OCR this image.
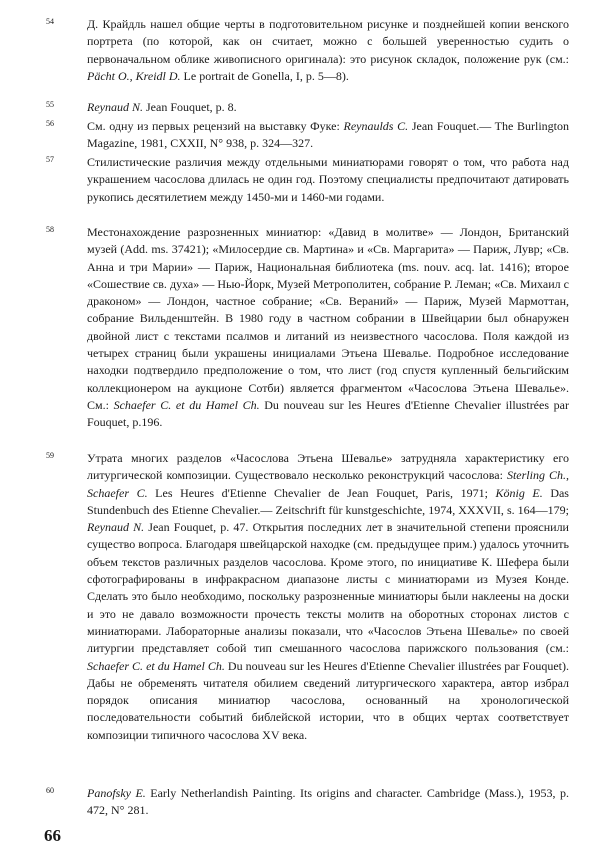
54	Д. Крайдль нашел общие черты в подготовительном рисунке и позднейшей копии венского портрета (по которой, как он считает, можно с большей уверенностью судить о первоначальном облике живописного оригинала): это рисунок складок, положение рук (см.: Pächt O., Kreidl D. Le portrait de Gonella, I, p. 5—8).

55	Reynaud N. Jean Fouquet, p. 8.

56	См. одну из первых рецензий на выставку Фуке: Reynaulds C. Jean Fouquet.— The Burlington Magazine, 1981, CXXII, N° 938, p. 324—327.

57	Стилистические различия между отдельными миниатюрами говорят о том, что работа над украшением часослова длилась не один год. Поэтому специалисты предпочитают датировать рукопись десятилетием между 1450-ми и 1460-ми годами.

58	Местонахождение разрозненных миниатюр: «Давид в молитве» — Лондон, Британский музей (Add. ms. 37421); «Милосердие св. Мартина» и «Св. Маргарита» — Париж, Лувр; «Св. Анна и три Марии» — Париж, Национальная библиотека (ms. nouv. acq. lat. 1416); второе «Сошествие св. духа» — Нью-Йорк, Музей Метрополитен, собрание Р. Леман; «Св. Михаил с драконом» — Лондон, частное собрание; «Св. Вераний» — Париж, Музей Мармоттан, собрание Вильденштейн. В 1980 году в частном собрании в Швейцарии был обнаружен двойной лист с текстами псалмов и литаний из неизвестного часослова. Поля каждой из четырех страниц были украшены инициалами Этьена Шевалье. Подробное исследование находки подтвердило предположение о том, что лист (год спустя купленный бельгийским коллекционером на аукционе Сотби) является фрагментом «Часослова Этьена Шевалье». См.: Schaefer C. et du Hamel Ch. Du nouveau sur les Heures d'Etienne Chevalier illustrées par Fouquet, p.196.

59	Утрата многих разделов «Часослова Этьена Шевалье» затрудняла характеристику его литургической композиции. Существовало несколько реконструкций часослова: Sterling Ch., Schaefer C. Les Heures d'Etienne Chevalier de Jean Fouquet, Paris, 1971; König E. Das Stundenbuch des Etienne Chevalier.— Zeitschrift für kunstgeschichte, 1974, XXXVII, s. 164—179; Reynaud N. Jean Fouquet, p. 47. Открытия последних лет в значительной степени прояснили существо вопроса. Благодаря швейцарской находке (см. предыдущее прим.) удалось уточнить объем текстов различных разделов часослова. Кроме этого, по инициативе К. Шефера были сфотографированы в инфракрасном диапазоне листы с миниатюрами из Музея Конде. Сделать это было необходимо, поскольку разрозненные миниатюры были наклеены на доски и это не давало возможности прочесть тексты молитв на оборотных сторонах листов с миниатюрами. Лабораторные анализы показали, что «Часослов Этьена Шевалье» по своей литургии представляет собой тип смешанного часослова парижского пользования (см.: Schaefer C. et du Hamel Ch. Du nouveau sur les Heures d'Etienne Chevalier illustrées par Fouquet). Дабы не обременять читателя обилием сведений литургического характера, автор избрал порядок описания миниатюр часослова, основанный на хронологической последовательности событий библейской истории, что в общих чертах соответствует композиции типичного часослова XV века.

60	Panofsky E. Early Netherlandish Painting. Its origins and character. Cambridge (Mass.), 1953, p. 472, N° 281.

66
